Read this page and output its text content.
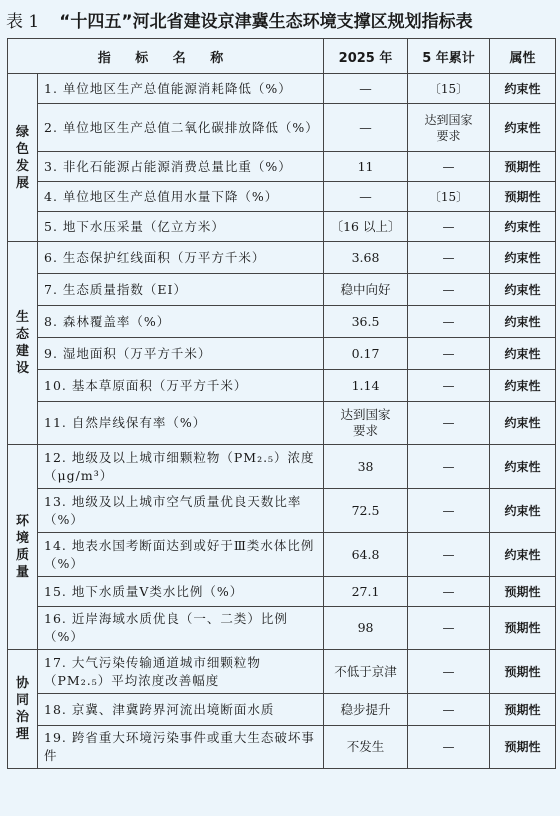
表 1 “十四五”河北省建设京津冀生态环境支撑区规划指标表
指 标 名 称		2025 年	5 年累计	属性
绿色发展	1. 单位地区生产总值能源消耗降低（%）	—	〔15〕	约束性
	2. 单位地区生产总值二氧化碳排放降低（%）	—	达到国家要求	约束性
	3. 非化石能源占能源消费总量比重（%）	11	—	预期性
	4. 单位地区生产总值用水量下降（%）	—	〔15〕	预期性
	5. 地下水压采量（亿立方米）	〔16 以上〕	—	约束性
生态建设	6. 生态保护红线面积（万平方千米）	3.68	—	约束性
	7. 生态质量指数（EI）	稳中向好	—	约束性
	8. 森林覆盖率（%）	36.5	—	约束性
	9. 湿地面积（万平方千米）	0.17	—	约束性
	10. 基本草原面积（万平方千米）	1.14	—	约束性
	11. 自然岸线保有率（%）	达到国家要求	—	约束性
环境质量	12. 地级及以上城市细颗粒物（PM₂.₅）浓度（μg/m³）	38	—	约束性
	13. 地级及以上城市空气质量优良天数比率（%）	72.5	—	约束性
	14. 地表水国考断面达到或好于Ⅲ类水体比例（%）	64.8	—	约束性
	15. 地下水质量Ⅴ类水比例（%）	27.1	—	预期性
	16. 近岸海域水质优良（一、二类）比例（%）	98	—	预期性
协同治理	17. 大气污染传输通道城市细颗粒物（PM₂.₅）平均浓度改善幅度	不低于京津	—	预期性
	18. 京冀、津冀跨界河流出境断面水质	稳步提升	—	预期性
	19. 跨省重大环境污染事件或重大生态破坏事件	不发生	—	预期性
